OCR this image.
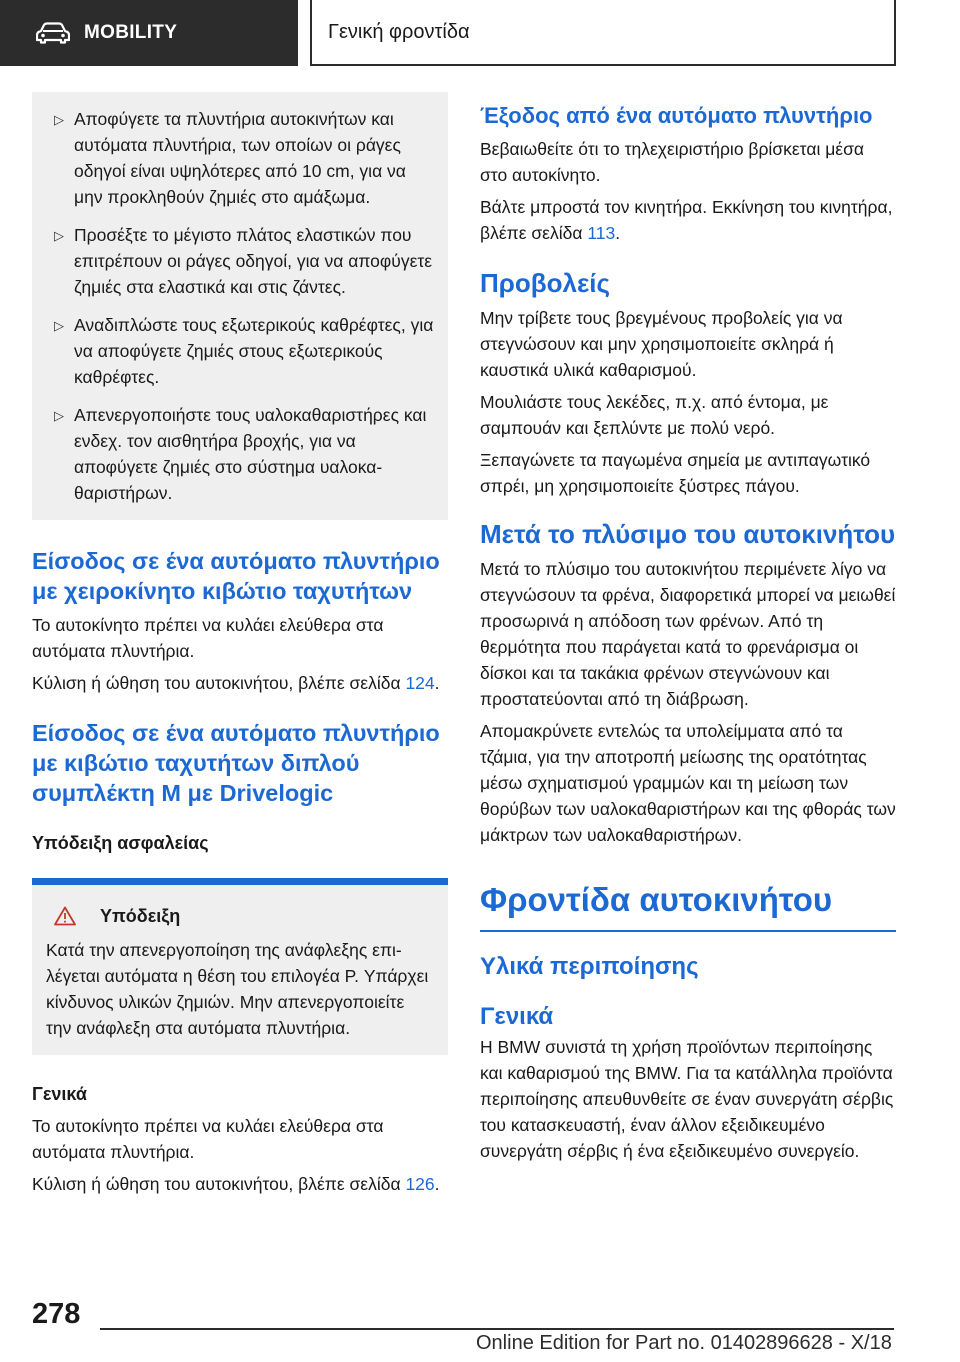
MOBILITY	Γενική φροντίδα
▷ Αποφύγετε τα πλυντήρια αυτοκινήτων και αυτόματα πλυντήρια, των οποίων οι ράγες οδηγοί είναι υψηλότερες από 10 cm, για να μην προκληθούν ζημιές στο αμάξωμα.
▷ Προσέξτε το μέγιστο πλάτος ελαστικών που επιτρέπουν οι ράγες οδηγοί, για να αποφύγετε ζημιές στα ελαστικά και στις ζάντες.
▷ Αναδιπλώστε τους εξωτερικούς καθρέφτες, για να αποφύγετε ζημιές στους εξωτερικούς καθρέφτες.
▷ Απενεργοποιήστε τους υαλοκαθαριστήρες και ενδεχ. τον αισθητήρα βροχής, για να αποφύγετε ζημιές στο σύστημα υαλοκαθαριστήρων.
Είσοδος σε ένα αυτόματο πλυντήριο με χειροκίνητο κιβώτιο ταχυτήτων
Το αυτοκίνητο πρέπει να κυλάει ελεύθερα στα αυτόματα πλυντήρια.
Κύλιση ή ώθηση του αυτοκινήτου, βλέπε σελίδα 124.
Είσοδος σε ένα αυτόματο πλυντήριο με κιβώτιο ταχυτήτων διπλού συμπλέκτη M με Drivelogic
Υπόδειξη ασφαλείας
Υπόδειξη
Κατά την απενεργοποίηση της ανάφλεξης επιλέγεται αυτόματα η θέση του επιλογέα P. Υπάρχει κίνδυνος υλικών ζημιών. Μην απενεργοποιείτε την ανάφλεξη στα αυτόματα πλυντήρια.
Γενικά
Το αυτοκίνητο πρέπει να κυλάει ελεύθερα στα αυτόματα πλυντήρια.
Κύλιση ή ώθηση του αυτοκινήτου, βλέπε σελίδα 126.
Έξοδος από ένα αυτόματο πλυντήριο
Βεβαιωθείτε ότι το τηλεχειριστήριο βρίσκεται μέσα στο αυτοκίνητο.
Βάλτε μπροστά τον κινητήρα. Εκκίνηση του κινητήρα, βλέπε σελίδα 113.
Προβολείς
Μην τρίβετε τους βρεγμένους προβολείς για να στεγνώσουν και μην χρησιμοποιείτε σκληρά ή καυστικά υλικά καθαρισμού.
Μουλιάστε τους λεκέδες, π.χ. από έντομα, με σαμπουάν και ξεπλύντε με πολύ νερό.
Ξεπαγώνετε τα παγωμένα σημεία με αντιπαγωτικό σπρέι, μη χρησιμοποιείτε ξύστρες πάγου.
Μετά το πλύσιμο του αυτοκινήτου
Μετά το πλύσιμο του αυτοκινήτου περιμένετε λίγο να στεγνώσουν τα φρένα, διαφορετικά μπορεί να μειωθεί προσωρινά η απόδοση των φρένων. Από τη θερμότητα που παράγεται κατά το φρενάρισμα οι δίσκοι και τα τακάκια φρένων στεγνώνουν και προστατεύονται από τη διάβρωση.
Απομακρύνετε εντελώς τα υπολείμματα από τα τζάμια, για την αποτροπή μείωσης της ορατότητας μέσω σχηματισμού γραμμών και τη μείωση των θορύβων των υαλοκαθαριστήρων και της φθοράς των μάκτρων των υαλοκαθαριστήρων.
Φροντίδα αυτοκινήτου
Υλικά περιποίησης
Γενικά
Η BMW συνιστά τη χρήση προϊόντων περιποίησης και καθαρισμού της BMW. Για τα κατάλληλα προϊόντα περιποίησης απευθυνθείτε σε έναν συνεργάτη σέρβις του κατασκευαστή, έναν άλλον εξειδικευμένο συνεργάτη σέρβις ή ένα εξειδικευμένο συνεργείο.
278
Online Edition for Part no. 01402896628 - X/18
